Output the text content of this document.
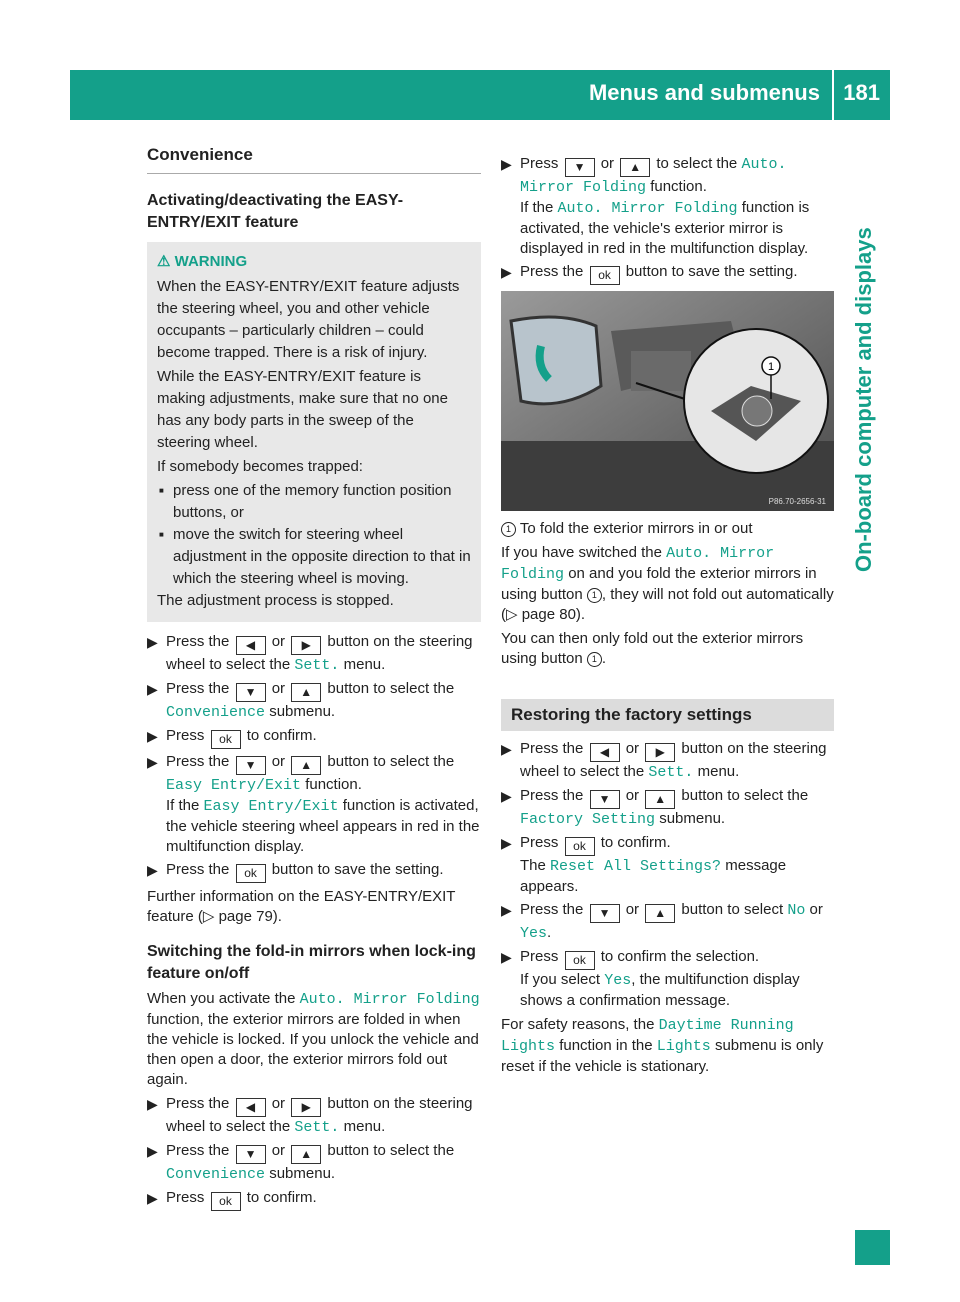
Menus and submenus 181
On-board computer and displays
Convenience
Activating/deactivating the EASY-ENTRY/EXIT feature
⚠ WARNING

When the EASY-ENTRY/EXIT feature adjusts the steering wheel, you and other vehicle occupants – particularly children – could become trapped. There is a risk of injury.

While the EASY-ENTRY/EXIT feature is making adjustments, make sure that no one has any body parts in the sweep of the steering wheel.

If somebody becomes trapped:

■ press one of the memory function position buttons, or
■ move the switch for steering wheel adjustment in the opposite direction to that in which the steering wheel is moving.

The adjustment process is stopped.

▶ Press the ◀ or ▶ button on the steering wheel to select the Sett. menu.
▶ Press the ▼ or ▲ button to select the Convenience submenu.
▶ Press ok to confirm.
▶ Press the ▼ or ▲ button to select the Easy Entry/Exit function.
If the Easy Entry/Exit function is activated, the vehicle steering wheel appears in red in the multifunction display.
▶ Press the ok button to save the setting.

Further information on the EASY-ENTRY/EXIT feature (▷ page 79).

Switching the fold-in mirrors when lock-ing feature on/off

When you activate the Auto. Mirror Folding function, the exterior mirrors are folded in when the vehicle is locked. If you unlock the vehicle and then open a door, the exterior mirrors fold out again.

▶ Press the ◀ or ▶ button on the steering wheel to select the Sett. menu.
▶ Press the ▼ or ▲ button to select the Convenience submenu.
▶ Press ok to confirm.
▶ Press ▼ or ▲ to select the Auto. Mirror Folding function.
If the Auto. Mirror Folding function is activated, the vehicle's exterior mirror is displayed in red in the multifunction display.
▶ Press the ok button to save the setting.
1
P86.70-2656-31

1 To fold the exterior mirrors in or out

If you have switched the Auto. Mirror Folding on and you fold the exterior mirrors in using button 1 , they will not fold out automatically (▷ page 80).

You can then only fold out the exterior mirrors using button 1 .

Restoring the factory settings
▶ Press the ◀ or ▶ button on the steering wheel to select the Sett. menu.
▶ Press the ▼ or ▲ button to select the Factory Setting submenu.
▶ Press ok to confirm.
The Reset All Settings? message appears.
▶ Press the ▼ or ▲ button to select No or Yes.
▶ Press ok to confirm the selection.
If you select Yes, the multifunction display shows a confirmation message.

For safety reasons, the Daytime Running Lights function in the Lights submenu is only reset if the vehicle is stationary.
